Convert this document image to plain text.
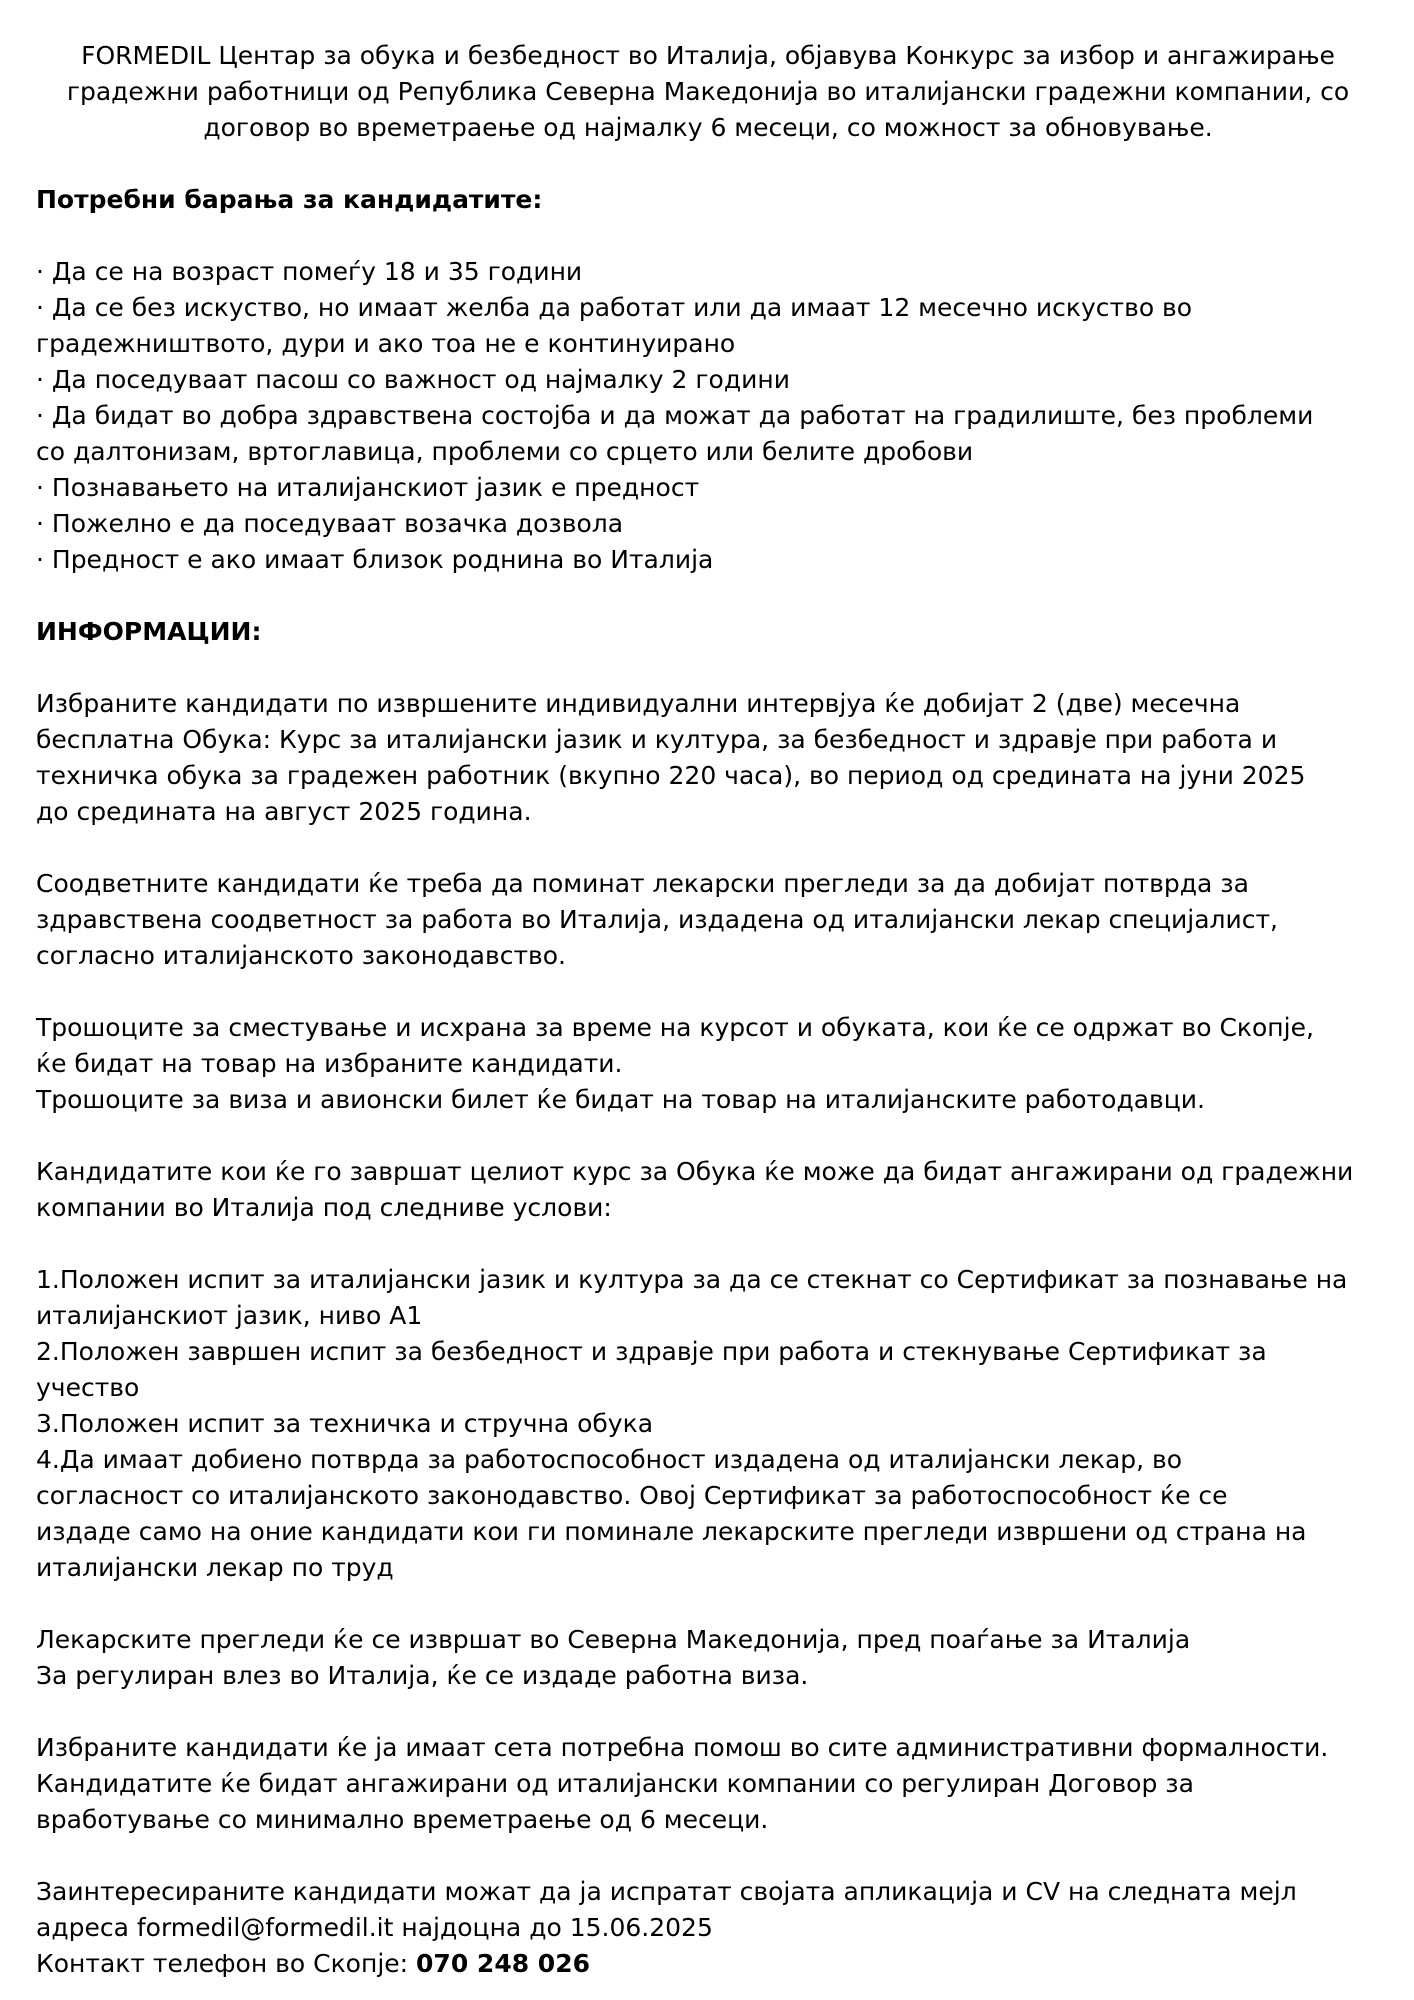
FORMEDIL Центар за обука и безбедност во Италија, објавува Конкурс за избор и ангажирање
градежни работници од Република Северна Македонија во италијански градежни компании, со
договор во времетраење од најмалку 6 месеци, со можност за обновување.
Потребни барања за кандидатите:
· Да се на возраст помеѓу 18 и 35 години
· Да се без искуство, но имаат желба да работат или да имаат 12 месечно искуство во
градежништвото, дури и ако тоа не е континуирано
· Да поседуваат пасош со важност од најмалку 2 години
· Да бидат во добра здравствена состојба и да можат да работат на градилиште, без проблеми
со далтонизам, вртоглавица, проблеми со срцето или белите дробови
· Познавањето на италијанскиот јазик е предност
· Пожелно е да поседуваат возачка дозвола
· Предност е ако имаат близок роднина во Италија
ИНФОРМАЦИИ:
Избраните кандидати по извршените индивидуални интервјуа ќе добијат 2 (две) месечна
бесплатна Обука: Курс за италијански јазик и култура, за безбедност и здравје при работа и
техничка обука за градежен работник (вкупно 220 часа), во период од средината на јуни 2025
до средината на август 2025 година.
Соодветните кандидати ќе треба да поминат лекарски прегледи за да добијат потврда за
здравствена соодветност за работа во Италија, издадена од италијански лекар специјалист,
согласно италијанското законодавство.
Трошоците за сместување и исхрана за време на курсот и обуката, кои ќе се одржат во Скопје,
ќе бидат на товар на избраните кандидати.
Трошоците за виза и авионски билет ќе бидат на товар на италијанските работодавци.
Кандидатите кои ќе го завршат целиот курс за Обука ќе може да бидат ангажирани од градежни
компании во Италија под следниве услови:
1.Положен испит за италијански јазик и култура за да се стекнат со Сертификат за познавање на
италијанскиот јазик, ниво А1
2.Положен завршен испит за безбедност и здравје при работа и стекнување Сертификат за
учество
3.Положен испит за техничка и стручна обука
4.Да имаат добиено потврда за работоспособност издадена од италијански лекар, во
согласност со италијанското законодавство. Овој Сертификат за работоспособност ќе се
издаде само на оние кандидати кои ги поминале лекарските прегледи извршени од страна на
италијански лекар по труд
Лекарските прегледи ќе се извршат во Северна Македонија, пред поаѓање за Италија
За регулиран влез во Италија, ќе се издаде работна виза.
Избраните кандидати ќе ја имаат сета потребна помош во сите административни формалности.
Кандидатите ќе бидат ангажирани од италијански компании со регулиран Договор за
вработување со минимално времетраење од 6 месеци.
Заинтересираните кандидати можат да ја испратат својата апликација и CV на следната мејл
адреса formedil@formedil.it најдоцна до 15.06.2025
Контакт телефон во Скопје: 070 248 026
